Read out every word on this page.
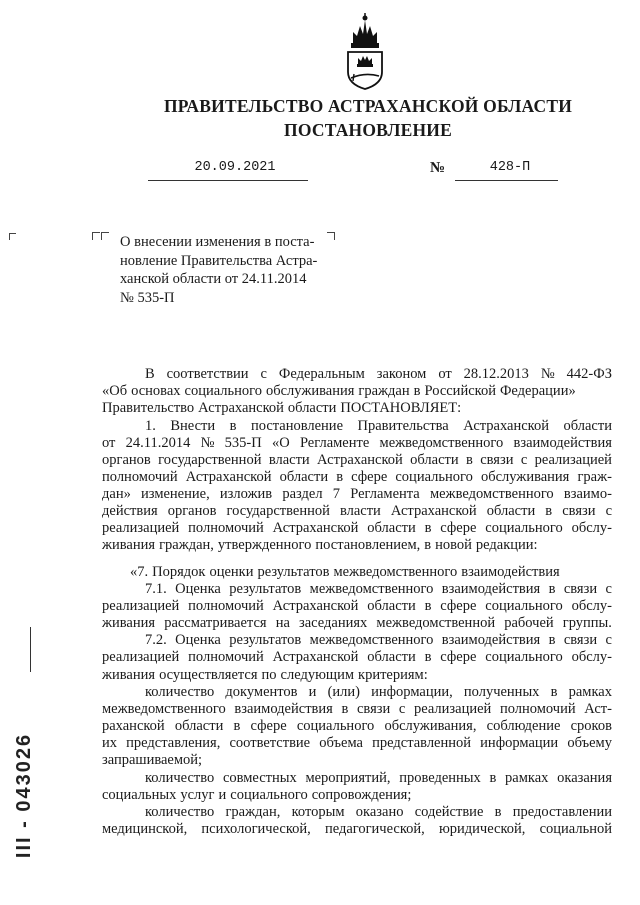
ПРАВИТЕЛЬСТВО АСТРАХАНСКОЙ ОБЛАСТИ
ПОСТАНОВЛЕНИЕ
20.09.2021	№	428-П
О внесении изменения в поста-
новление Правительства Астра-
ханской области от 24.11.2014
№ 535-П
В соответствии с Федеральным законом от 28.12.2013 № 442-ФЗ
«Об основах социального обслуживания граждан в Российской Федерации»
Правительство Астраханской области ПОСТАНОВЛЯЕТ:
1. Внести в постановление Правительства Астраханской области
от 24.11.2014 № 535-П «О Регламенте межведомственного взаимодействия
органов государственной власти Астраханской области в связи с реализацией
полномочий Астраханской области в сфере социального обслуживания граж-
дан» изменение, изложив раздел 7 Регламента межведомственного взаимо-
действия органов государственной власти Астраханской области в связи с
реализацией полномочий Астраханской области в сфере социального обслу-
живания граждан, утвержденного постановлением, в новой редакции:
«7. Порядок оценки результатов межведомственного взаимодействия
7.1. Оценка результатов межведомственного взаимодействия в связи с
реализацией полномочий Астраханской области в сфере социального обслу-
живания рассматривается на заседаниях межведомственной рабочей группы.
7.2. Оценка результатов межведомственного взаимодействия в связи с
реализацией полномочий Астраханской области в сфере социального обслу-
живания осуществляется по следующим критериям:
количество документов и (или) информации, полученных в рамках
межведомственного взаимодействия в связи с реализацией полномочий Аст-
раханской области в сфере социального обслуживания, соблюдение сроков
их представления, соответствие объема представленной информации объему
запрашиваемой;
количество совместных мероприятий, проведенных в рамках оказания
социальных услуг и социального сопровождения;
количество граждан, которым оказано содействие в предоставлении
медицинской, психологической, педагогической, юридической, социальной
III - 043026
